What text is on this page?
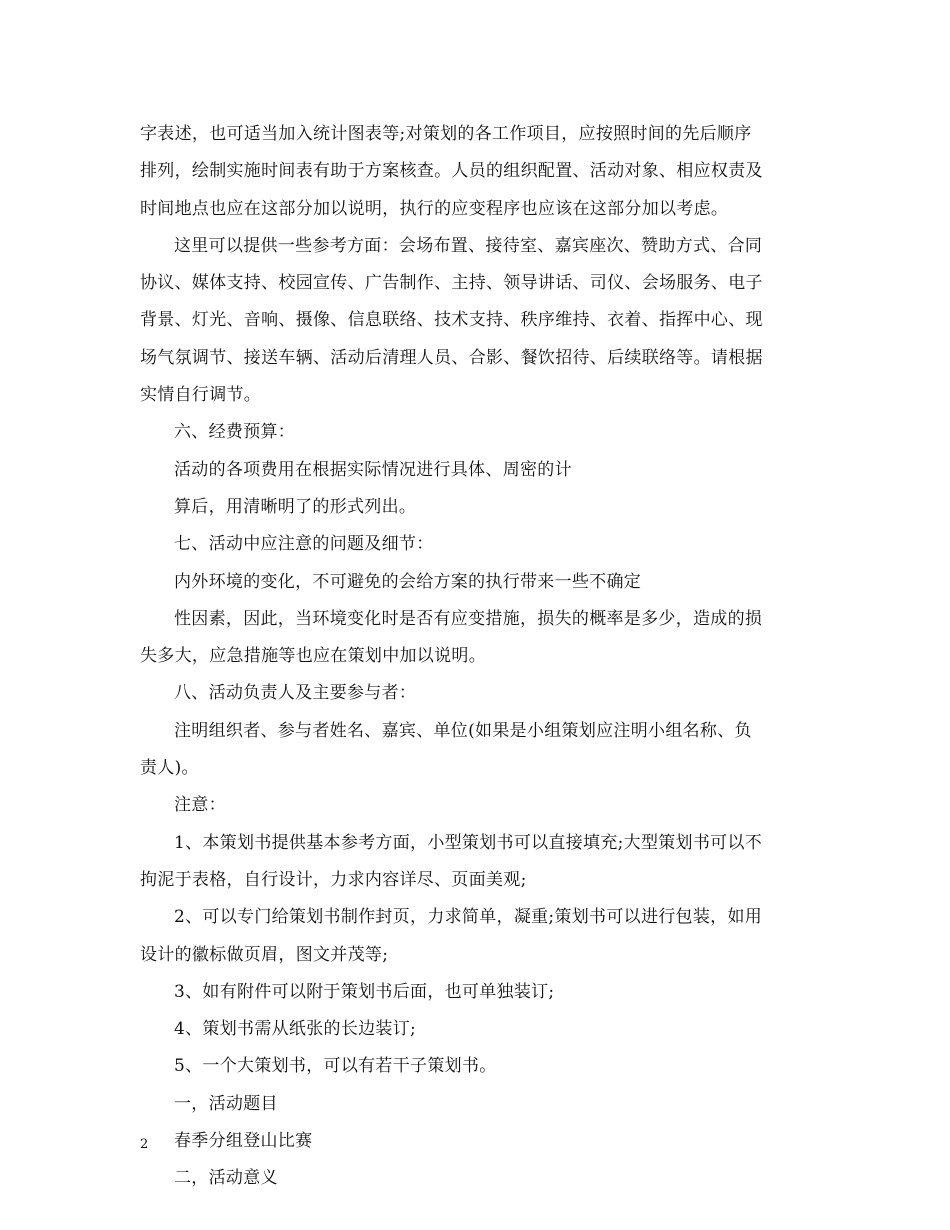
字表述，也可适当加入统计图表等;对策划的各工作项目，应按照时间的先后顺序
排列，绘制实施时间表有助于方案核查。人员的组织配置、活动对象、相应权责及
时间地点也应在这部分加以说明，执行的应变程序也应该在这部分加以考虑。
这里可以提供一些参考方面：会场布置、接待室、嘉宾座次、赞助方式、合同
协议、媒体支持、校园宣传、广告制作、主持、领导讲话、司仪、会场服务、电子
背景、灯光、音响、摄像、信息联络、技术支持、秩序维持、衣着、指挥中心、现
场气氛调节、接送车辆、活动后清理人员、合影、餐饮招待、后续联络等。请根据
实情自行调节。
六、经费预算：
活动的各项费用在根据实际情况进行具体、周密的计
算后，用清晰明了的形式列出。
七、活动中应注意的问题及细节：
内外环境的变化，不可避免的会给方案的执行带来一些不确定
性因素，因此，当环境变化时是否有应变措施，损失的概率是多少，造成的损
失多大，应急措施等也应在策划中加以说明。
八、活动负责人及主要参与者：
注明组织者、参与者姓名、嘉宾、单位(如果是小组策划应注明小组名称、负
责人)。
注意：
1、本策划书提供基本参考方面，小型策划书可以直接填充;大型策划书可以不
拘泥于表格，自行设计，力求内容详尽、页面美观;
2、可以专门给策划书制作封页，力求简单，凝重;策划书可以进行包装，如用
设计的徽标做页眉，图文并茂等;
3、如有附件可以附于策划书后面，也可单独装订;
4、策划书需从纸张的长边装订;
5、一个大策划书，可以有若干子策划书。
一，活动题目
春季分组登山比赛
二，活动意义
2
